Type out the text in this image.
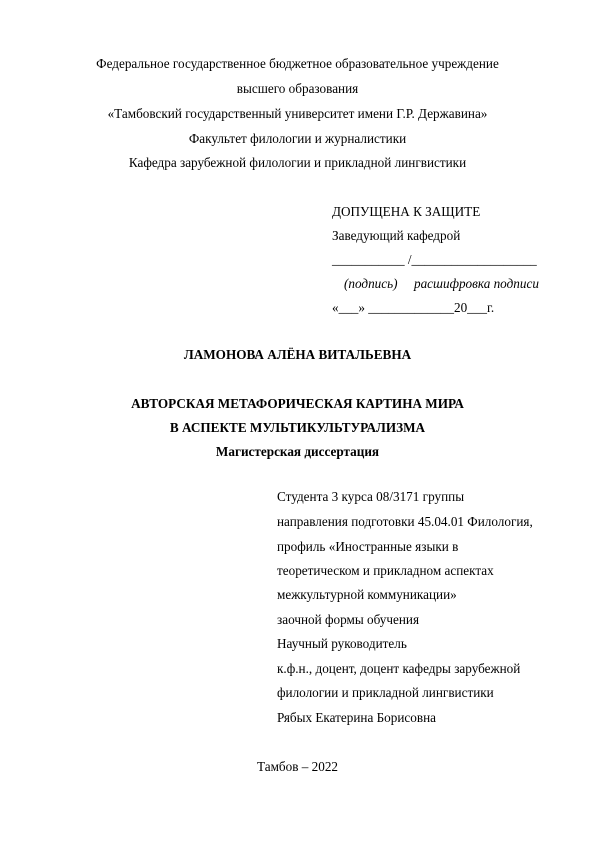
Федеральное государственное бюджетное образовательное учреждение
высшего образования
«Тамбовский государственный университет имени Г.Р. Державина»
Факультет филологии и журналистики
Кафедра зарубежной филологии и прикладной лингвистики
ДОПУЩЕНА К ЗАЩИТЕ
Заведующий кафедрой
___________ /___________________
(подпись)     расшифровка подписи
«___» _____________20___г.
ЛАМОНОВА АЛЁНА ВИТАЛЬЕВНА
АВТОРСКАЯ МЕТАФОРИЧЕСКАЯ КАРТИНА МИРА
В АСПЕКТЕ МУЛЬТИКУЛЬТУРАЛИЗМА
Магистерская диссертация
Студента 3 курса 08/3171 группы
направления подготовки 45.04.01 Филология,
профиль «Иностранные языки в
теоретическом и прикладном аспектах
межкультурной коммуникации»
заочной формы обучения
Научный руководитель
к.ф.н., доцент, доцент кафедры зарубежной
филологии и прикладной лингвистики
Рябых Екатерина Борисовна
Тамбов – 2022
